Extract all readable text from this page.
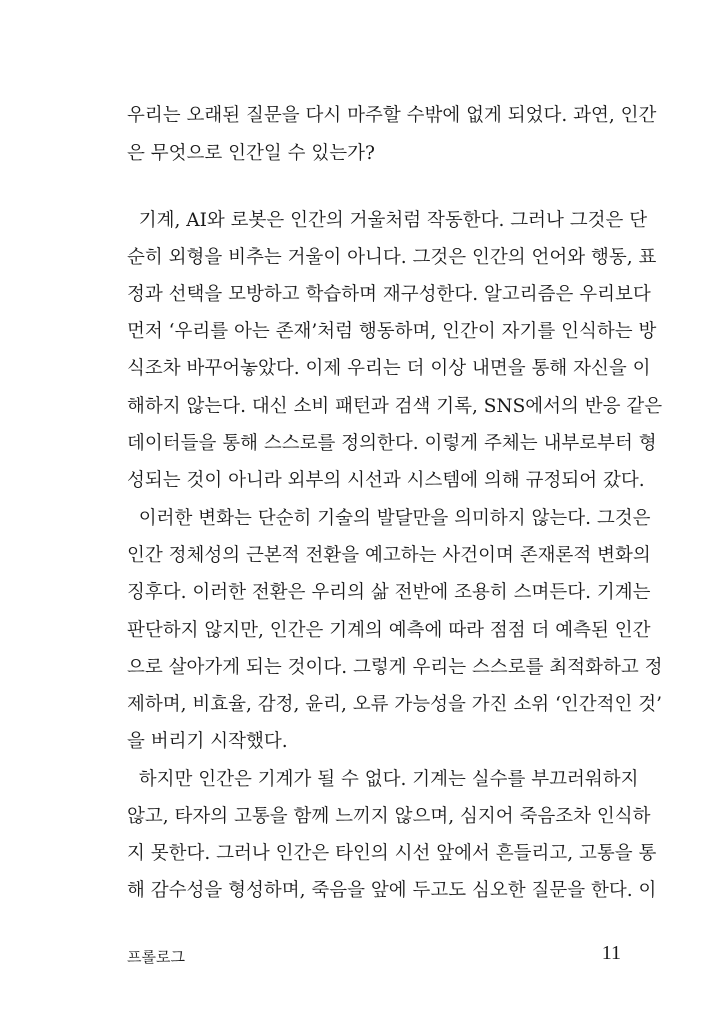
우리는 오래된 질문을 다시 마주할 수밖에 없게 되었다. 과연, 인간
은 무엇으로 인간일 수 있는가?
기계, AI와 로봇은 인간의 거울처럼 작동한다. 그러나 그것은 단
순히 외형을 비추는 거울이 아니다. 그것은 인간의 언어와 행동, 표
정과 선택을 모방하고 학습하며 재구성한다. 알고리즘은 우리보다
먼저 ‘우리를 아는 존재’처럼 행동하며, 인간이 자기를 인식하는 방
식조차 바꾸어놓았다. 이제 우리는 더 이상 내면을 통해 자신을 이
해하지 않는다. 대신 소비 패턴과 검색 기록, SNS에서의 반응 같은
데이터들을 통해 스스로를 정의한다. 이렇게 주체는 내부로부터 형
성되는 것이 아니라 외부의 시선과 시스템에 의해 규정되어 갔다.
이러한 변화는 단순히 기술의 발달만을 의미하지 않는다. 그것은
인간 정체성의 근본적 전환을 예고하는 사건이며 존재론적 변화의
징후다. 이러한 전환은 우리의 삶 전반에 조용히 스며든다. 기계는
판단하지 않지만, 인간은 기계의 예측에 따라 점점 더 예측된 인간
으로 살아가게 되는 것이다. 그렇게 우리는 스스로를 최적화하고 정
제하며, 비효율, 감정, 윤리, 오류 가능성을 가진 소위 ‘인간적인 것’
을 버리기 시작했다.
하지만 인간은 기계가 될 수 없다. 기계는 실수를 부끄러워하지
않고, 타자의 고통을 함께 느끼지 않으며, 심지어 죽음조차 인식하
지 못한다. 그러나 인간은 타인의 시선 앞에서 흔들리고, 고통을 통
해 감수성을 형성하며, 죽음을 앞에 두고도 심오한 질문을 한다. 이
프롤로그	11
